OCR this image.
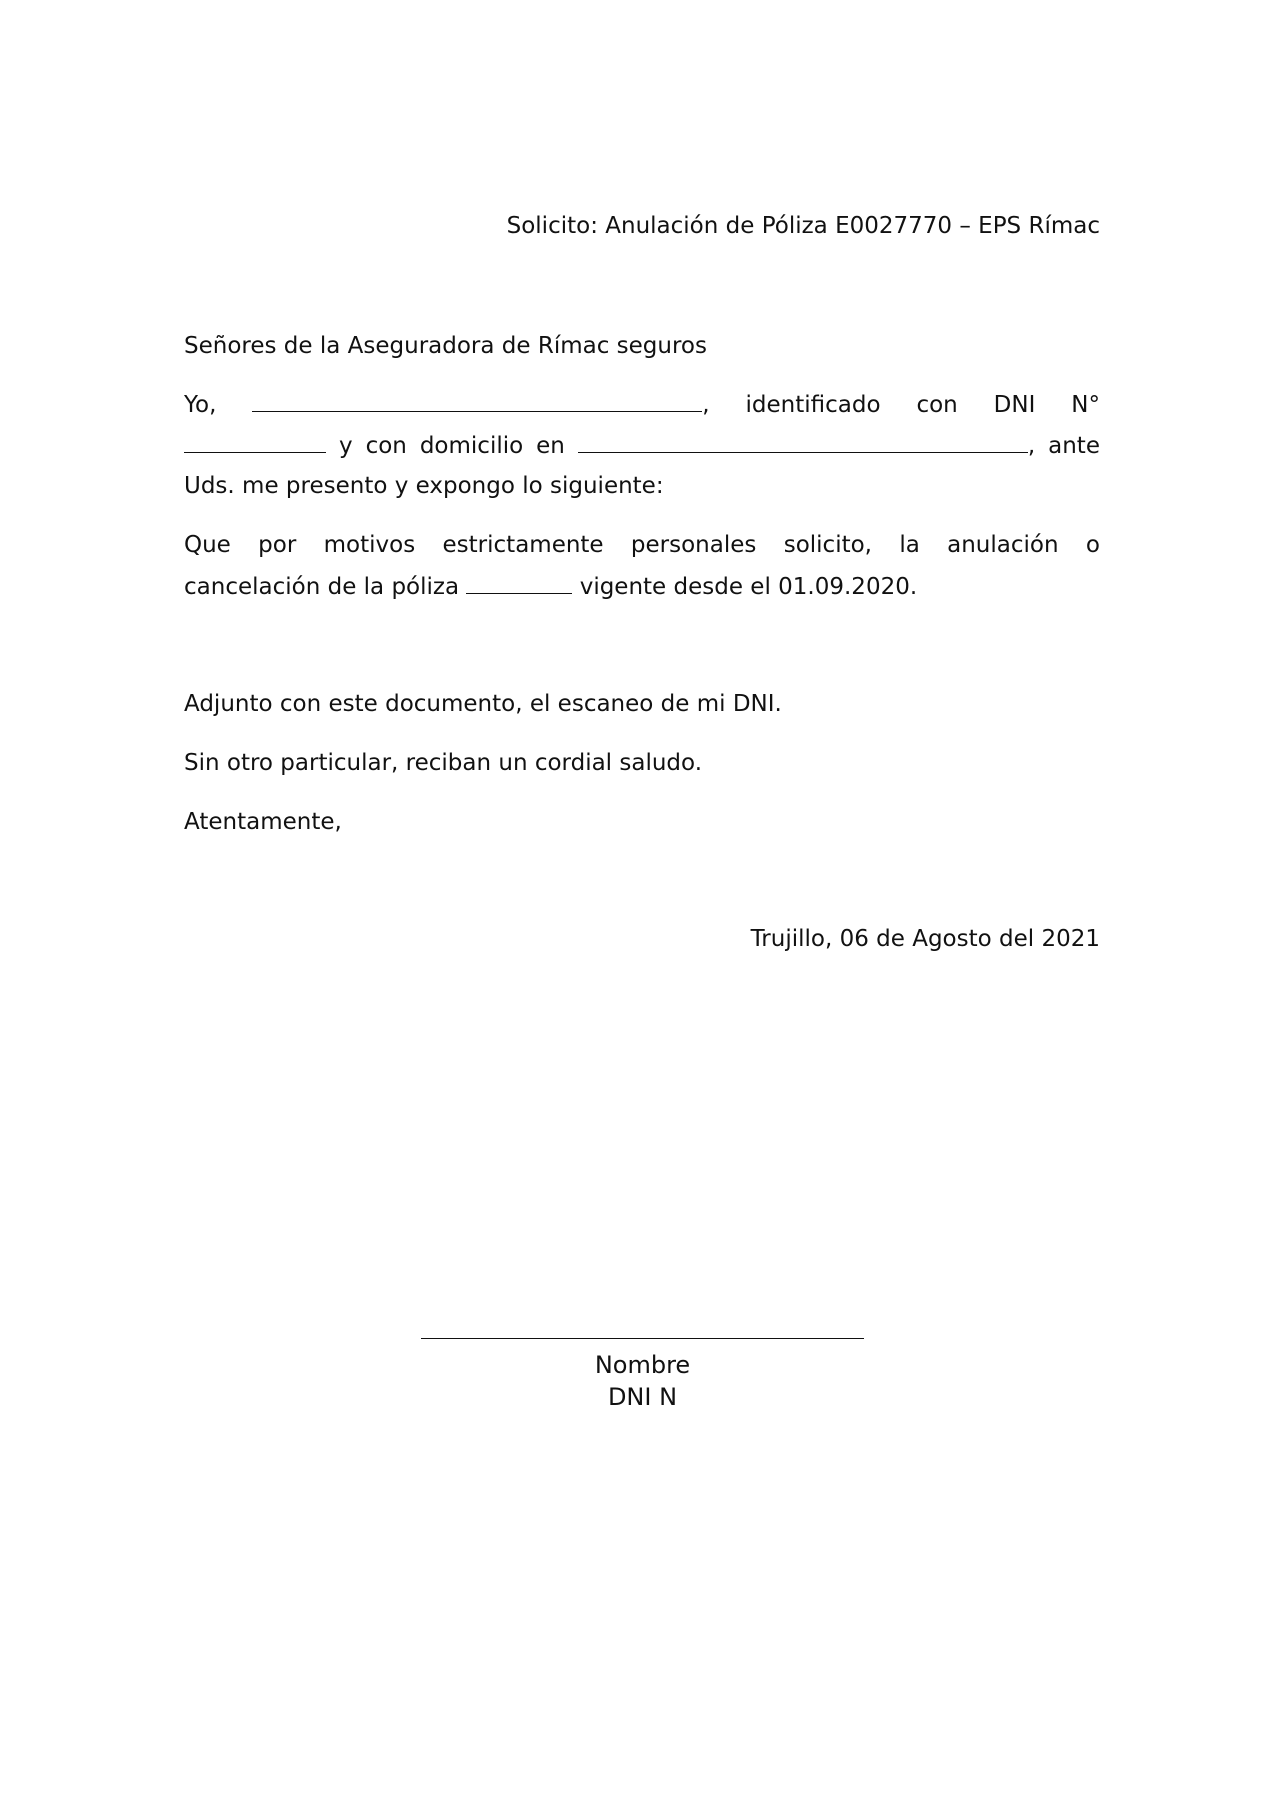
Solicito: Anulación de Póliza E0027770 – EPS Rímac
Señores de la Aseguradora de Rímac seguros
Yo,	, identificado con DNI N°
y con domicilio en	, ante
Uds. me presento y expongo lo siguiente:
Que por motivos estrictamente personales solicito, la anulación o
cancelación de la póliza	vigente desde el 01.09.2020.
Adjunto con este documento, el escaneo de mi DNI.
Sin otro particular, reciban un cordial saludo.
Atentamente,
Trujillo, 06 de Agosto del 2021
Nombre
DNI N
